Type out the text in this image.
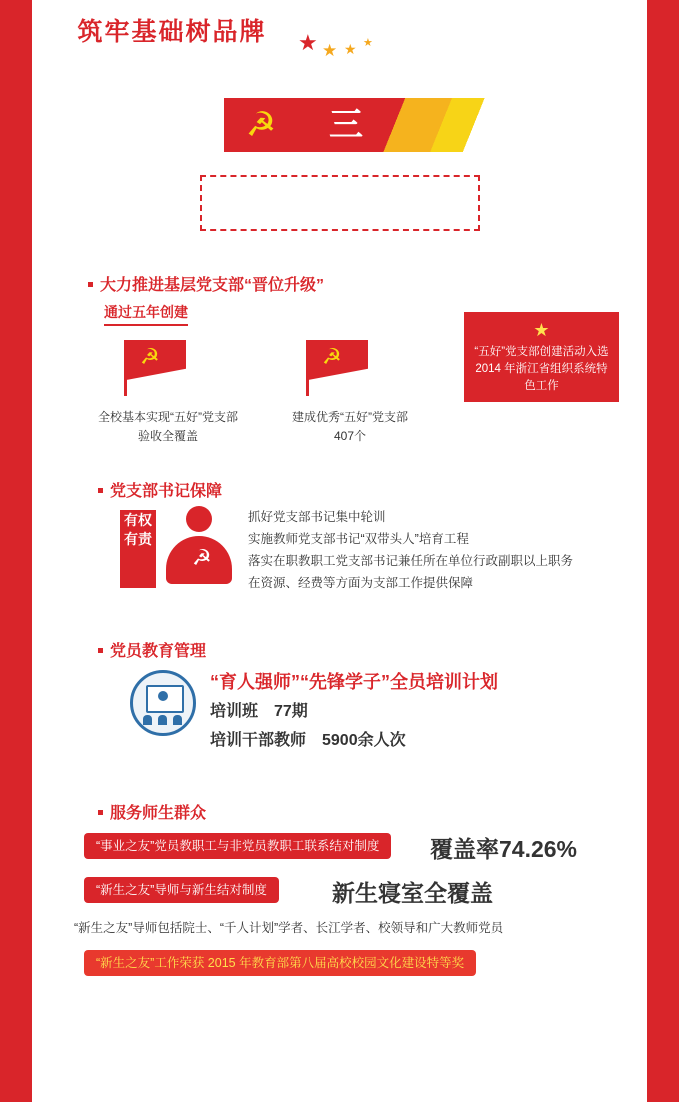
☭	三
★ ★ ★ ★
筑牢基础树品牌
大力推进基层党支部“晋位升级”
通过五年创建
☭
全校基本实现“五好”党支部
验收全覆盖
☭
建成优秀“五好”党支部
407个
★
“五好”党支部创建活动入选 2014 年浙江省组织系统特色工作
党支部书记保障
有权有责
☭
抓好党支部书记集中轮训
实施教师党支部书记“双带头人”培育工程
落实在职教职工党支部书记兼任所在单位行政副职以上职务
在资源、经费等方面为支部工作提供保障
党员教育管理
“育人强师”“先锋学子”全员培训计划
培训班　77期
培训干部教师　5900余人次
服务师生群众
“事业之友”党员教职工与非党员教职工联系结对制度	覆盖率74.26%
“新生之友”导师与新生结对制度	新生寝室全覆盖
“新生之友”导师包括院士、“千人计划”学者、长江学者、校领导和广大教师党员
“新生之友”工作荣获 2015 年教育部第八届高校校园文化建设特等奖
